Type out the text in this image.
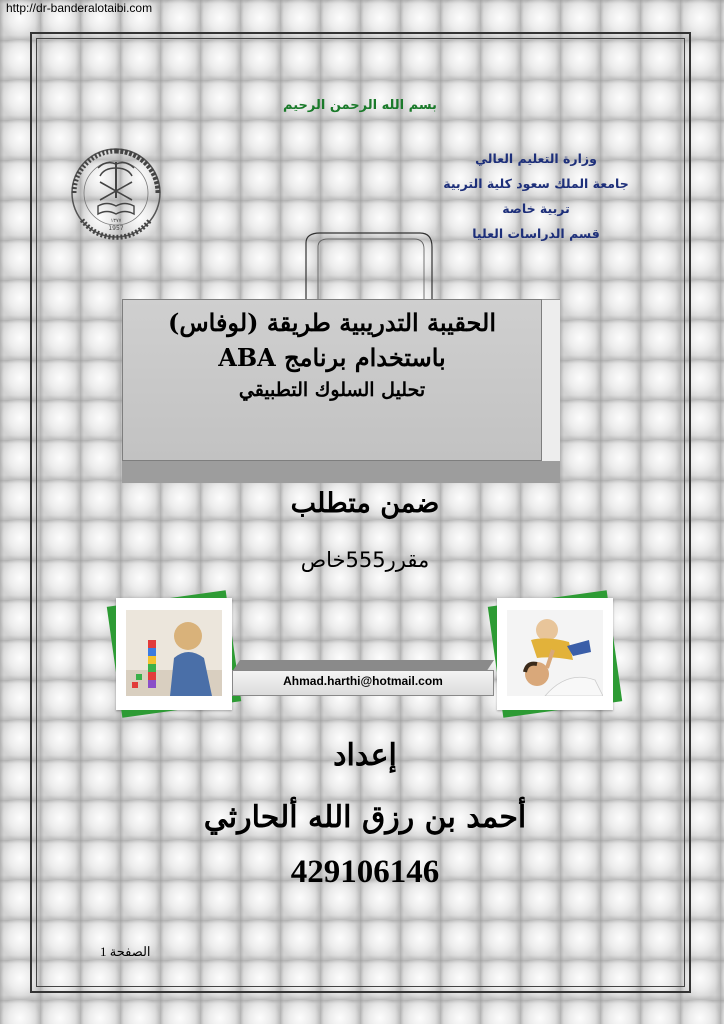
http://dr-banderalotaibi.com
بسم الله الرحمن الرحيم
وزارة التعليم العالي
جامعة الملك سعود كلية التربية
تربية خاصة
قسم الدراسات العليا
1957
١٣٧٧
الحقيبة التدريبية طريقة (لوفاس)
باستخدام برنامج ABA
تحليل السلوك التطبيقي
ضمن متطلب
مقرر555خاص
Ahmad.harthi@hotmail.com
إعداد
أحمد بن رزق الله ألحارثي
429106146
الصفحة 1
